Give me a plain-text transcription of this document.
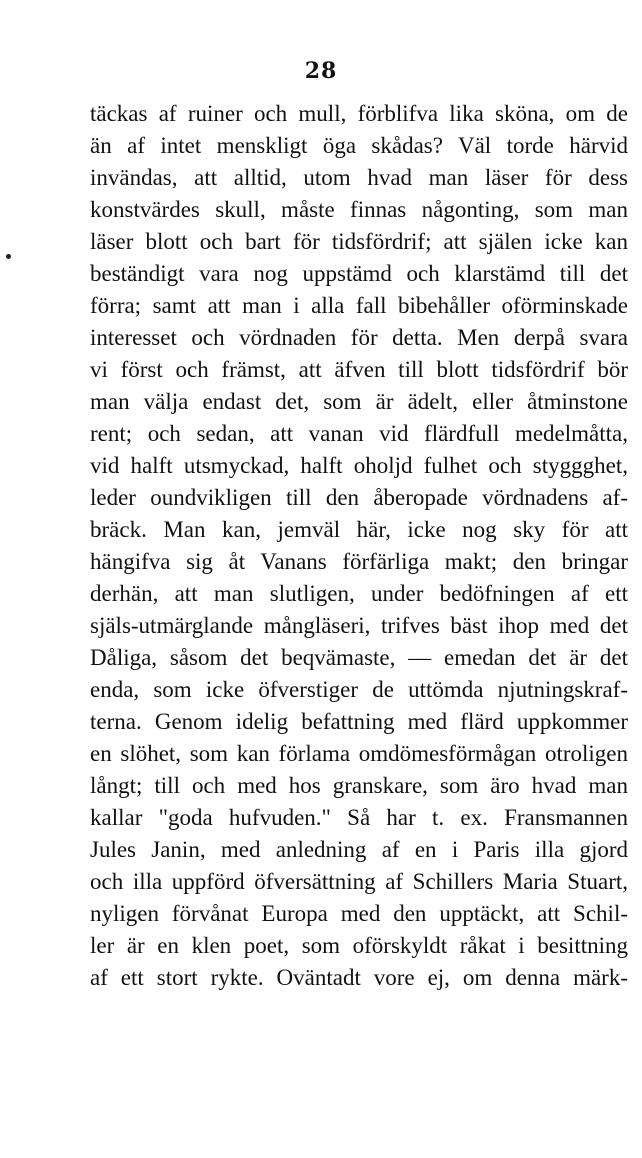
28
täckas af ruiner och mull, förblifva lika sköna, om de
än af intet menskligt öga skådas? Väl torde härvid
invändas, att alltid, utom hvad man läser för dess
konstvärdes skull, måste finnas någonting, som man
läser blott och bart för tidsfördrif; att själen icke kan
beständigt vara nog uppstämd och klarstämd till det
förra; samt att man i alla fall bibehåller oförminskade
interesset och vördnaden för detta. Men derpå svara
vi först och främst, att äfven till blott tidsfördrif bör
man välja endast det, som är ädelt, eller åtminstone
rent; och sedan, att vanan vid flärdfull medelmåtta,
vid halft utsmyckad, halft oholjd fulhet och styggghet,
leder oundvikligen till den åberopade vördnadens af-
bräck. Man kan, jemväl här, icke nog sky för att
hängifva sig åt Vanans förfärliga makt; den bringar
derhän, att man slutligen, under bedöfningen af ett
själs-utmärglande mångläseri, trifves bäst ihop med det
Dåliga, såsom det beqvämaste, — emedan det är det
enda, som icke öfverstiger de uttömda njutningskraf-
terna. Genom idelig befattning med flärd uppkommer
en slöhet, som kan förlama omdömesförmågan otroligen
långt; till och med hos granskare, som äro hvad man
kallar "goda hufvuden." Så har t. ex. Fransmannen
Jules Janin, med anledning af en i Paris illa gjord
och illa uppförd öfversättning af Schillers Maria Stuart,
nyligen förvånat Europa med den upptäckt, att Schil-
ler är en klen poet, som oförskyldt råkat i besittning
af ett stort rykte. Oväntadt vore ej, om denna märk-
